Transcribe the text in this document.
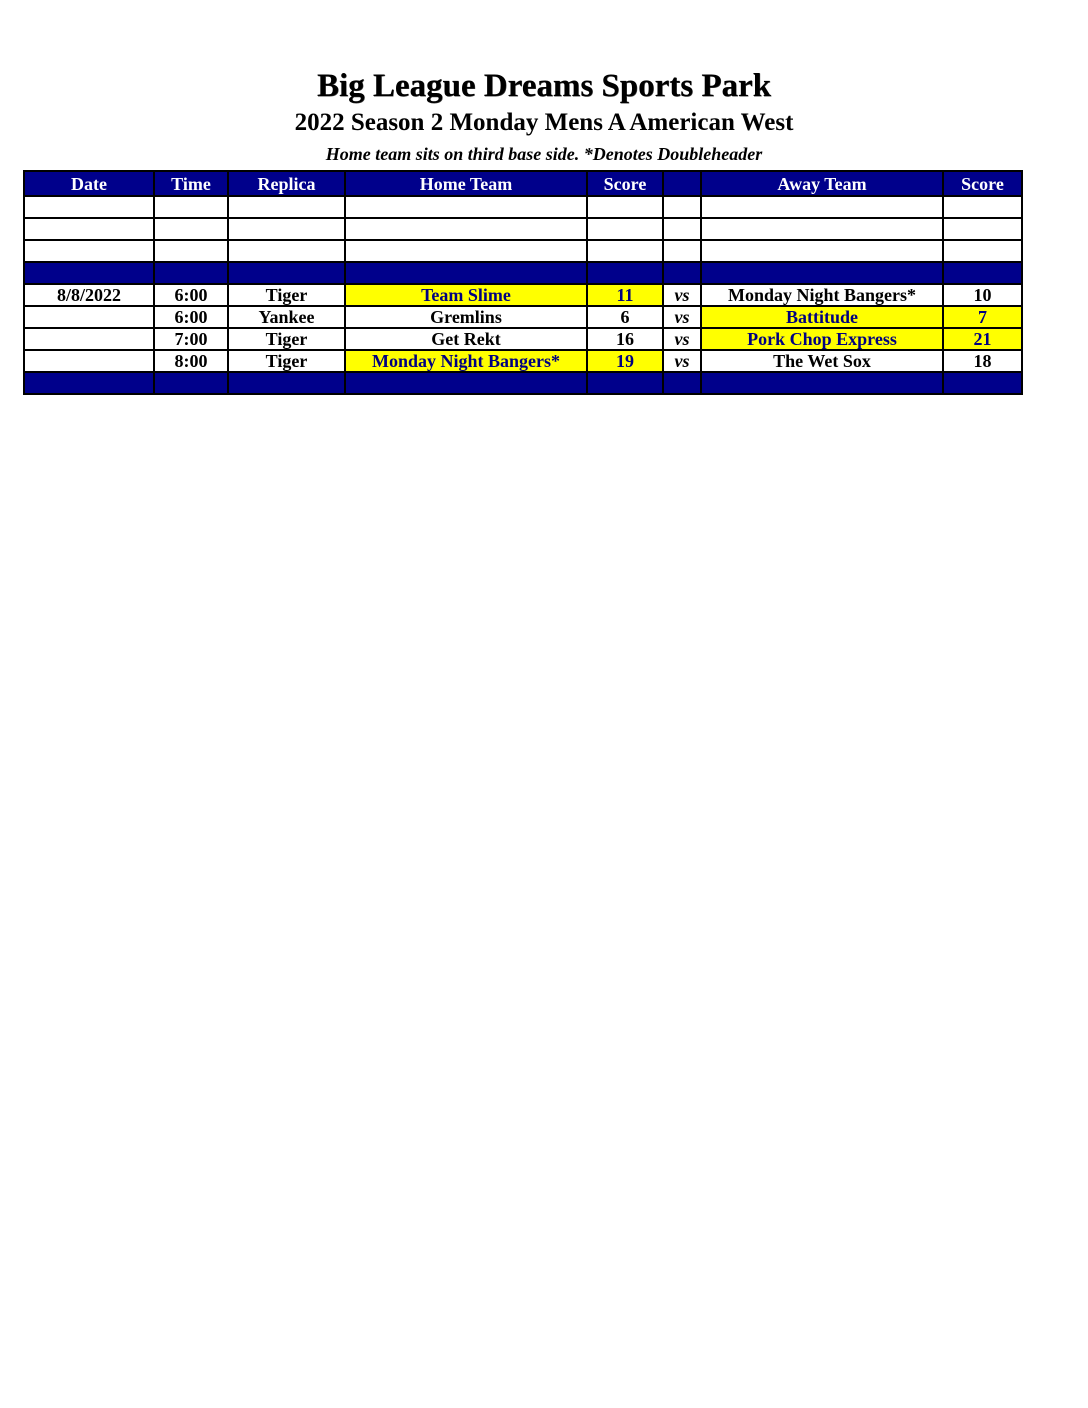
Big League Dreams Sports Park
2022 Season 2 Monday Mens A American West
Home team sits on third base side. *Denotes Doubleheader
Date	Time	Replica	Home Team	Score		Away Team	Score

8/8/2022	6:00	Tiger	Team Slime	11	vs	Monday Night Bangers*	10
	6:00	Yankee	Gremlins	6	vs	Battitude	7
	7:00	Tiger	Get Rekt	16	vs	Pork Chop Express	21
	8:00	Tiger	Monday Night Bangers*	19	vs	The Wet Sox	18
